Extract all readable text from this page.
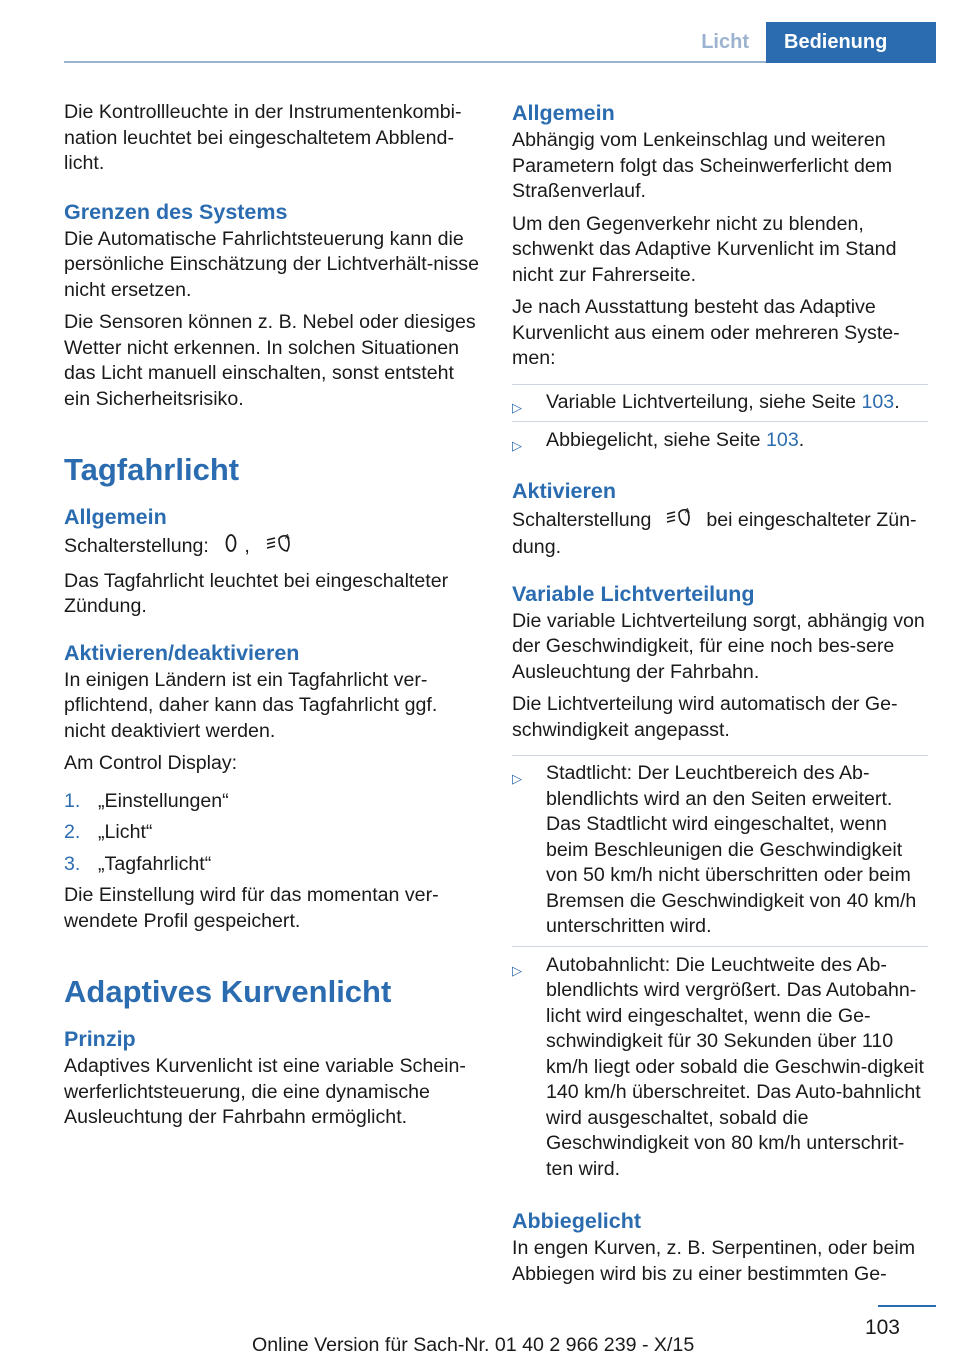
Licht	Bedienung

Die Kontrollleuchte in der Instrumentenkombi-nation leuchtet bei eingeschaltetem Abblend-licht.

Grenzen des Systems

Die Automatische Fahrlichtsteuerung kann die persönliche Einschätzung der Lichtverhält-nisse nicht ersetzen.

Die Sensoren können z. B. Nebel oder diesiges Wetter nicht erkennen. In solchen Situationen das Licht manuell einschalten, sonst entsteht ein Sicherheitsrisiko.

Tagfahrlicht
Allgemein

Schalterstellung: ,	A

Das Tagfahrlicht leuchtet bei eingeschalteter Zündung.

Aktivieren/deaktivieren

In einigen Ländern ist ein Tagfahrlicht ver-pflichtend, daher kann das Tagfahrlicht ggf. nicht deaktiviert werden.

Am Control Display:

1. „Einstellungen“
2. „Licht“
3. „Tagfahrlicht“

Die Einstellung wird für das momentan ver-wendete Profil gespeichert.

Adaptives Kurvenlicht
Prinzip

Adaptives Kurvenlicht ist eine variable Schein-werferlichtsteuerung, die eine dynamische Ausleuchtung der Fahrbahn ermöglicht.

Allgemein

Abhängig vom Lenkeinschlag und weiteren Parametern folgt das Scheinwerferlicht dem Straßenverlauf.

Um den Gegenverkehr nicht zu blenden, schwenkt das Adaptive Kurvenlicht im Stand nicht zur Fahrerseite.

Je nach Ausstattung besteht das Adaptive Kurvenlicht aus einem oder mehreren Syste-men:

▷ Variable Lichtverteilung, siehe Seite 103.
▷ Abbiegelicht, siehe Seite 103.
Aktivieren

Schalterstellung	A bei eingeschalteter Zün-dung.

Variable Lichtverteilung

Die variable Lichtverteilung sorgt, abhängig von der Geschwindigkeit, für eine noch bes-sere Ausleuchtung der Fahrbahn.

Die Lichtverteilung wird automatisch der Ge-schwindigkeit angepasst.

▷ Stadtlicht: Der Leuchtbereich des Ab-blendlichts wird an den Seiten erweitert. Das Stadtlicht wird eingeschaltet, wenn beim Beschleunigen die Geschwindigkeit von 50 km/h nicht überschritten oder beim Bremsen die Geschwindigkeit von 40 km/h unterschritten wird.
▷ Autobahnlicht: Die Leuchtweite des Ab-blendlichts wird vergrößert. Das Autobahn-licht wird eingeschaltet, wenn die Ge-schwindigkeit für 30 Sekunden über 110 km/h liegt oder sobald die Geschwin-digkeit 140 km/h überschreitet. Das Auto-bahnlicht wird ausgeschaltet, sobald die Geschwindigkeit von 80 km/h unterschrit-ten wird.
Abbiegelicht

In engen Kurven, z. B. Serpentinen, oder beim Abbiegen wird bis zu einer bestimmten Ge-

103
Online Version für Sach-Nr. 01 40 2 966 239 - X/15
